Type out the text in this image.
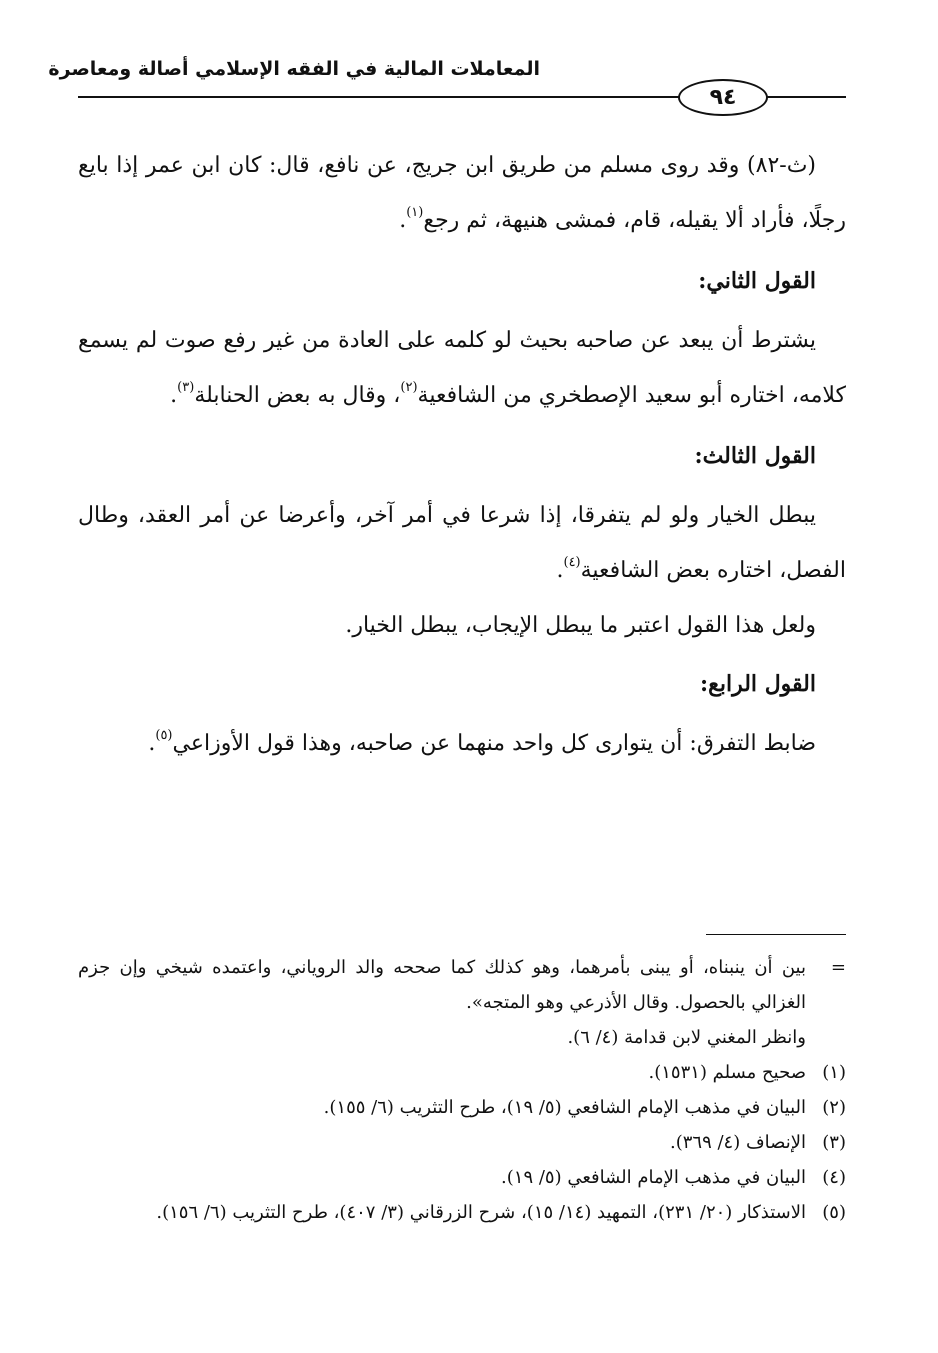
المعاملات المالية في الفقه الإسلامي أصالة ومعاصرة
٩٤

(ث-٨٢) وقد روى مسلم من طريق ابن جريج، عن نافع، قال: كان ابن عمر إذا بايع رجلًا، فأراد ألا يقيله، قام، فمشى هنيهة، ثم رجع$^{(١)}$.

القول الثاني:

يشترط أن يبعد عن صاحبه بحيث لو كلمه على العادة من غير رفع صوت لم يسمع كلامه، اختاره أبو سعيد الإصطخري من الشافعية$^{(٢)}$، وقال به بعض الحنابلة$^{(٣)}$.

القول الثالث:

يبطل الخيار ولو لم يتفرقا، إذا شرعا في أمر آخر، وأعرضا عن أمر العقد، وطال الفصل، اختاره بعض الشافعية$^{(٤)}$.

ولعل هذا القول اعتبر ما يبطل الإيجاب، يبطل الخيار.

القول الرابع:

ضابط التفرق: أن يتوارى كل واحد منهما عن صاحبه، وهذا قول الأوزاعي$^{(٥)}$.

=
بين أن ينبناه، أو يبنى بأمرهما، وهو كذلك كما صححه والد الروياني، واعتمده شيخي وإن جزم الغزالي بالحصول. وقال الأذرعي وهو المتجه».
وانظر المغني لابن قدامة (٤/ ٦).
(١)
صحيح مسلم (١٥٣١).
(٢)
البيان في مذهب الإمام الشافعي (٥/ ١٩)، طرح التثريب (٦/ ١٥٥).
(٣)
الإنصاف (٤/ ٣٦٩).
(٤)
البيان في مذهب الإمام الشافعي (٥/ ١٩).
(٥)
الاستذكار (٢٠/ ٢٣١)، التمهيد (١٤/ ١٥)، شرح الزرقاني (٣/ ٤٠٧)، طرح التثريب (٦/ ١٥٦).
